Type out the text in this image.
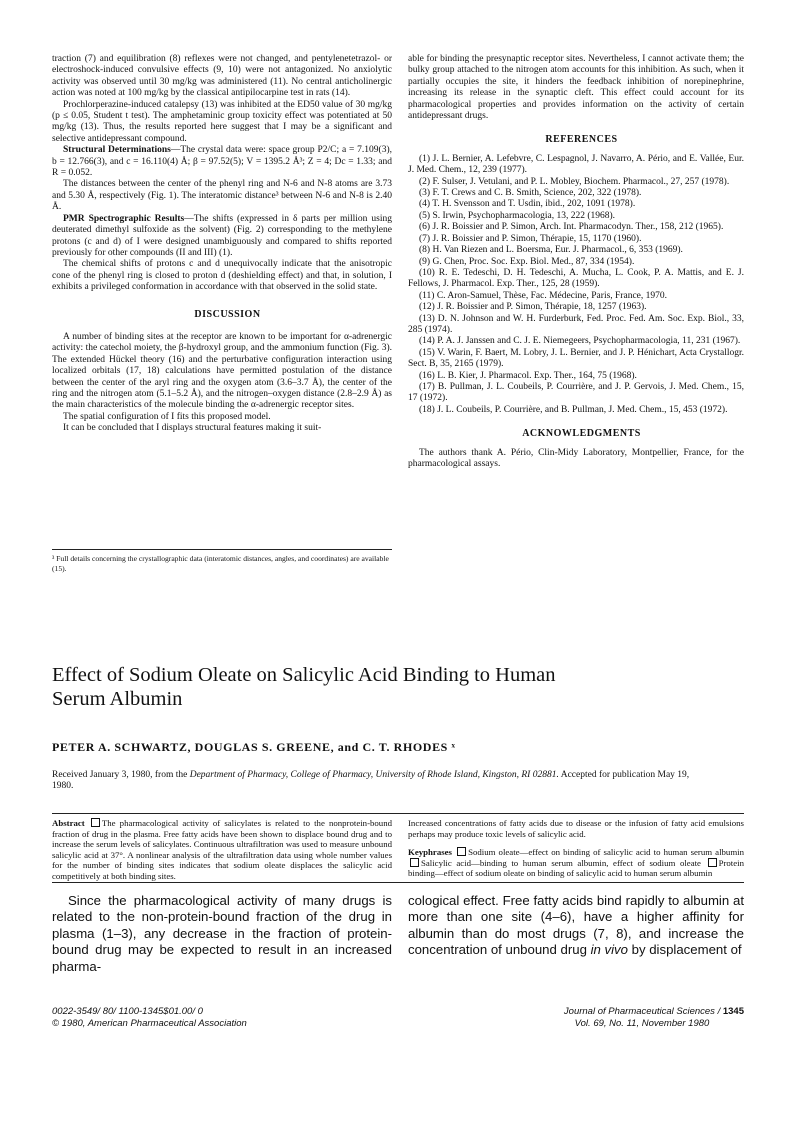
traction (7) and equilibration (8) reflexes were not changed, and pentylenetetrazol- or electroshock-induced convulsive effects (9, 10) were not antagonized. No anxiolytic activity was observed until 30 mg/kg was administered (11). No central anticholinergic action was noted at 100 mg/kg by the classical antipilocarpine test in rats (14).

Prochlorperazine-induced catalepsy (13) was inhibited at the ED50 value of 30 mg/kg (p ≤ 0.05, Student t test). The amphetaminic group toxicity effect was potentiated at 50 mg/kg (13). Thus, the results reported here suggest that I may be a significant and selective antidepressant compound.

Structural Determinations—The crystal data were: space group P2/C; a = 7.109(3), b = 12.766(3), and c = 16.110(4) Å; β = 97.52(5); V = 1395.2 Å³; Z = 4; Dc = 1.33; and R = 0.052.

The distances between the center of the phenyl ring and N-6 and N-8 atoms are 3.73 and 5.30 Å, respectively (Fig. 1). The interatomic distance³ between N-6 and N-8 is 2.40 Å.

PMR Spectrographic Results—The shifts (expressed in δ parts per million using deuterated dimethyl sulfoxide as the solvent) (Fig. 2) corresponding to the methylene protons (c and d) of I were designed unambiguously and compared to shifts reported previously for other compounds (II and III) (1).

The chemical shifts of protons c and d unequivocally indicate that the anisotropic cone of the phenyl ring is closed to proton d (deshielding effect) and that, in solution, I exhibits a privileged conformation in accordance with that observed in the solid state.

DISCUSSION

A number of binding sites at the receptor are known to be important for α-adrenergic activity: the catechol moiety, the β-hydroxyl group, and the ammonium function (Fig. 3). The extended Hückel theory (16) and the perturbative configuration interaction using localized orbitals (17, 18) calculations have permitted postulation of the distance between the center of the aryl ring and the oxygen atom (3.6–3.7 Å), the center of the ring and the nitrogen atom (5.1–5.2 Å), and the nitrogen–oxygen distance (2.8–2.9 Å) as the main characteristics of the molecule binding the α-adrenergic receptor sites.

The spatial configuration of I fits this proposed model.

It can be concluded that I displays structural features making it suit-

³ Full details concerning the crystallographic data (interatomic distances, angles, and coordinates) are available (15).

able for binding the presynaptic receptor sites. Nevertheless, I cannot activate them; the bulky group attached to the nitrogen atom accounts for this inhibition. As such, when it partially occupies the site, it hinders the feedback inhibition of norepinephrine, increasing its release in the synaptic cleft. This effect could account for its pharmacological properties and provides information on the activity of certain antidepressant drugs.

REFERENCES

(1) J. L. Bernier, A. Lefebvre, C. Lespagnol, J. Navarro, A. Pério, and E. Vallée, Eur. J. Med. Chem., 12, 239 (1977).
(2) F. Sulser, J. Vetulani, and P. L. Mobley, Biochem. Pharmacol., 27, 257 (1978).
(3) F. T. Crews and C. B. Smith, Science, 202, 322 (1978).
(4) T. H. Svensson and T. Usdin, ibid., 202, 1091 (1978).
(5) S. Irwin, Psychopharmacologia, 13, 222 (1968).
(6) J. R. Boissier and P. Simon, Arch. Int. Pharmacodyn. Ther., 158, 212 (1965).
(7) J. R. Boissier and P. Simon, Thérapie, 15, 1170 (1960).
(8) H. Van Riezen and L. Boersma, Eur. J. Pharmacol., 6, 353 (1969).
(9) G. Chen, Proc. Soc. Exp. Biol. Med., 87, 334 (1954).
(10) R. E. Tedeschi, D. H. Tedeschi, A. Mucha, L. Cook, P. A. Mattis, and E. J. Fellows, J. Pharmacol. Exp. Ther., 125, 28 (1959).
(11) C. Aron-Samuel, Thèse, Fac. Médecine, Paris, France, 1970.
(12) J. R. Boissier and P. Simon, Thérapie, 18, 1257 (1963).
(13) D. N. Johnson and W. H. Furderburk, Fed. Proc. Fed. Am. Soc. Exp. Biol., 33, 285 (1974).
(14) P. A. J. Janssen and C. J. E. Niemegeers, Psychopharmacologia, 11, 231 (1967).
(15) V. Warin, F. Baert, M. Lobry, J. L. Bernier, and J. P. Hénichart, Acta Crystallogr. Sect. B, 35, 2165 (1979).
(16) L. B. Kier, J. Pharmacol. Exp. Ther., 164, 75 (1968).
(17) B. Pullman, J. L. Coubeils, P. Courrière, and J. P. Gervois, J. Med. Chem., 15, 17 (1972).
(18) J. L. Coubeils, P. Courrière, and B. Pullman, J. Med. Chem., 15, 453 (1972).

ACKNOWLEDGMENTS

The authors thank A. Pério, Clin-Midy Laboratory, Montpellier, France, for the pharmacological assays.

Effect of Sodium Oleate on Salicylic Acid Binding to Human Serum Albumin
PETER A. SCHWARTZ, DOUGLAS S. GREENE, and C. T. RHODES ˣ
Received January 3, 1980, from the Department of Pharmacy, College of Pharmacy, University of Rhode Island, Kingston, RI 02881. Accepted for publication May 19, 1980.

Abstract The pharmacological activity of salicylates is related to the nonprotein-bound fraction of drug in the plasma. Free fatty acids have been shown to displace bound drug and to increase the serum levels of salicylates. Continuous ultrafiltration was used to measure unbound salicylic acid at 37°. A nonlinear analysis of the ultrafiltration data using whole number values for the number of binding sites indicates that sodium oleate displaces the salicylic acid competitively at both binding sites.

Increased concentrations of fatty acids due to disease or the infusion of fatty acid emulsions perhaps may produce toxic levels of salicylic acid.

Keyphrases Sodium oleate—effect on binding of salicylic acid to human serum albumin Salicylic acid—binding to human serum albumin, effect of sodium oleate Protein binding—effect of sodium oleate on binding of salicylic acid to human serum albumin

Since the pharmacological activity of many drugs is related to the non-protein-bound fraction of the drug in plasma (1–3), any decrease in the fraction of protein-bound drug may be expected to result in an increased pharma-

cological effect. Free fatty acids bind rapidly to albumin at more than one site (4–6), have a higher affinity for albumin than do most drugs (7, 8), and increase the concentration of unbound drug in vivo by displacement of

0022-3549/ 80/ 1100-1345$01.00/ 0
© 1980, American Pharmaceutical Association
Journal of Pharmaceutical Sciences / 1345
Vol. 69, No. 11, November 1980
